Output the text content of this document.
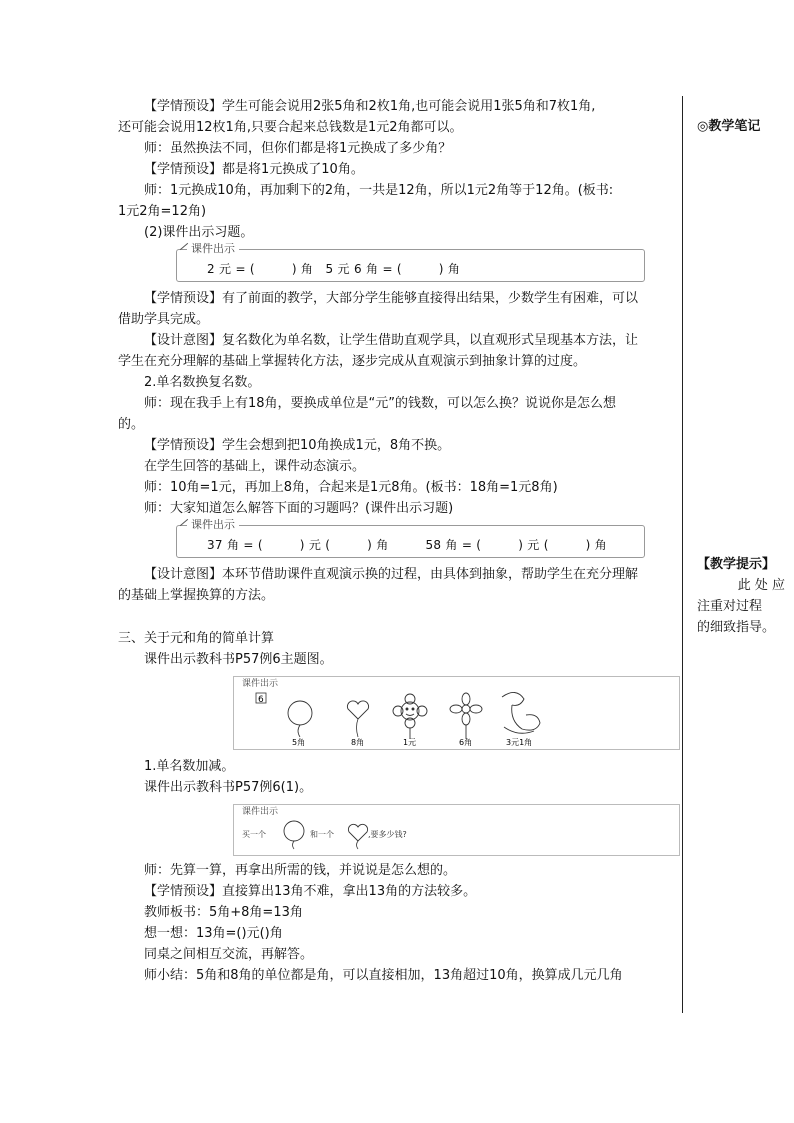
【学情预设】学生可能会说用2张5角和2枚1角,也可能会说用1张5角和7枚1角,

还可能会说用12枚1角,只要合起来总钱数是1元2角都可以。

师：虽然换法不同，但你们都是将1元换成了多少角？

【学情预设】都是将1元换成了10角。

师：1元换成10角，再加剩下的2角，一共是12角，所以1元2角等于12角。(板书:

1元2角=12角)

(2)课件出示习题。

课件出示
2 元 = (　　　) 角　5 元 6 角 = (　　　) 角

【学情预设】有了前面的教学，大部分学生能够直接得出结果，少数学生有困难，可以

借助学具完成。

【设计意图】复名数化为单名数，让学生借助直观学具，以直观形式呈现基本方法，让

学生在充分理解的基础上掌握转化方法，逐步完成从直观演示到抽象计算的过度。

2.单名数换复名数。

师：现在我手上有18角，要换成单位是“元”的钱数，可以怎么换？说说你是怎么想

的。

【学情预设】学生会想到把10角换成1元，8角不换。

在学生回答的基础上，课件动态演示。

师：10角=1元，再加上8角，合起来是1元8角。(板书：18角=1元8角)

师：大家知道怎么解答下面的习题吗？(课件出示习题)

课件出示
37 角 = (　　　) 元 (　　　) 角　　　58 角 = (　　　) 元 (　　　) 角

【设计意图】本环节借助课件直观演示换的过程，由具体到抽象，帮助学生在充分理解

的基础上掌握换算的方法。

三、关于元和角的简单计算

课件出示教科书P57例6主题图。

课件出示
6
5角	8角	1元	6角	3元1角

1.单名数加减。

课件出示教科书P57例6(1)。

课件出示
买一个	和一个	,要多少钱?

师：先算一算，再拿出所需的钱，并说说是怎么想的。

【学情预设】直接算出13角不难，拿出13角的方法较多。

教师板书：5角+8角=13角

想一想：13角=()元()角

同桌之间相互交流，再解答。

师小结：5角和8角的单位都是角，可以直接相加，13角超过10角，换算成几元几角

◎教学笔记
【教学提示】
此 处 应
注重对过程
的细致指导。
